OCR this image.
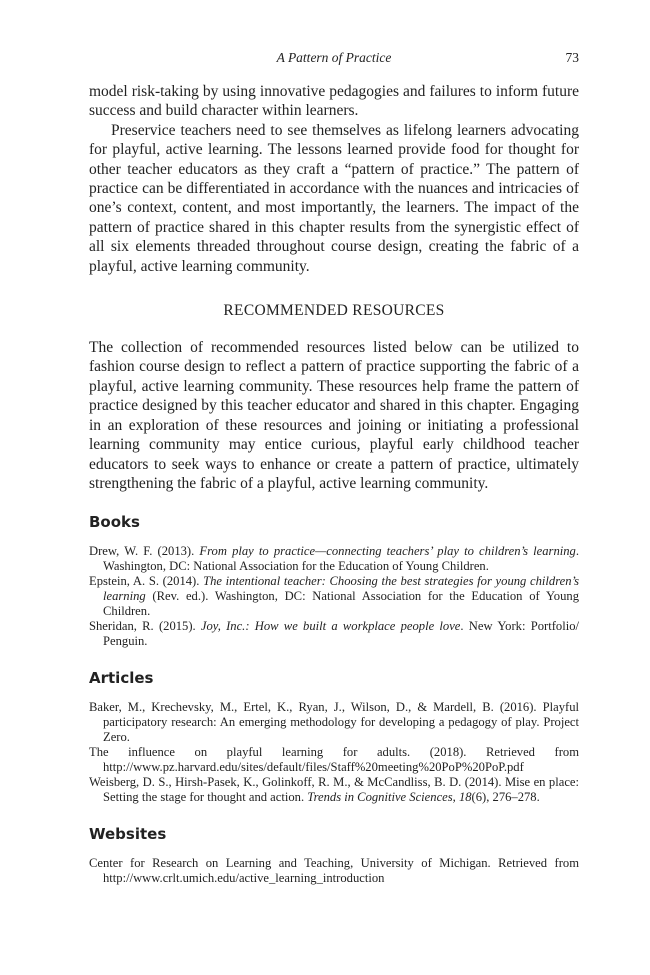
A Pattern of Practice	73

model risk-taking by using innovative pedagogies and failures to inform future success and build character within learners.

Preservice teachers need to see themselves as lifelong learners advocating for playful, active learning. The lessons learned provide food for thought for other teacher educators as they craft a “pattern of practice.” The pattern of practice can be differentiated in accordance with the nuances and intricacies of one’s context, content, and most importantly, the learners. The impact of the pattern of practice shared in this chapter results from the synergistic effect of all six elements threaded throughout course design, creating the fabric of a playful, active learning community.

RECOMMENDED RESOURCES

The collection of recommended resources listed below can be utilized to fashion course design to reflect a pattern of practice supporting the fabric of a playful, active learning community. These resources help frame the pattern of practice designed by this teacher educator and shared in this chapter. Engaging in an exploration of these resources and joining or initiating a professional learning community may entice curious, playful early childhood teacher educators to seek ways to enhance or create a pattern of practice, ultimately strengthening the fabric of a playful, active learning community.

Books

Drew, W. F. (2013). From play to practice—connecting teachers’ play to children’s learning. Washington, DC: National Association for the Education of Young Children.

Epstein, A. S. (2014). The intentional teacher: Choosing the best strategies for young children’s learning (Rev. ed.). Washington, DC: National Association for the Education of Young Children.

Sheridan, R. (2015). Joy, Inc.: How we built a workplace people love. New York: Portfolio/ Penguin.

Articles

Baker, M., Krechevsky, M., Ertel, K., Ryan, J., Wilson, D., & Mardell, B. (2016). Playful participatory research: An emerging methodology for developing a pedagogy of play. Project Zero.

The influence on playful learning for adults. (2018). Retrieved from http://www.pz.harvard.edu/sites/default/files/Staff%20meeting%20PoP%20PoP.pdf

Weisberg, D. S., Hirsh-Pasek, K., Golinkoff, R. M., & McCandliss, B. D. (2014). Mise en place: Setting the stage for thought and action. Trends in Cognitive Sciences, 18(6), 276–278.

Websites

Center for Research on Learning and Teaching, University of Michigan. Retrieved from http://www.crlt.umich.edu/active_learning_introduction
